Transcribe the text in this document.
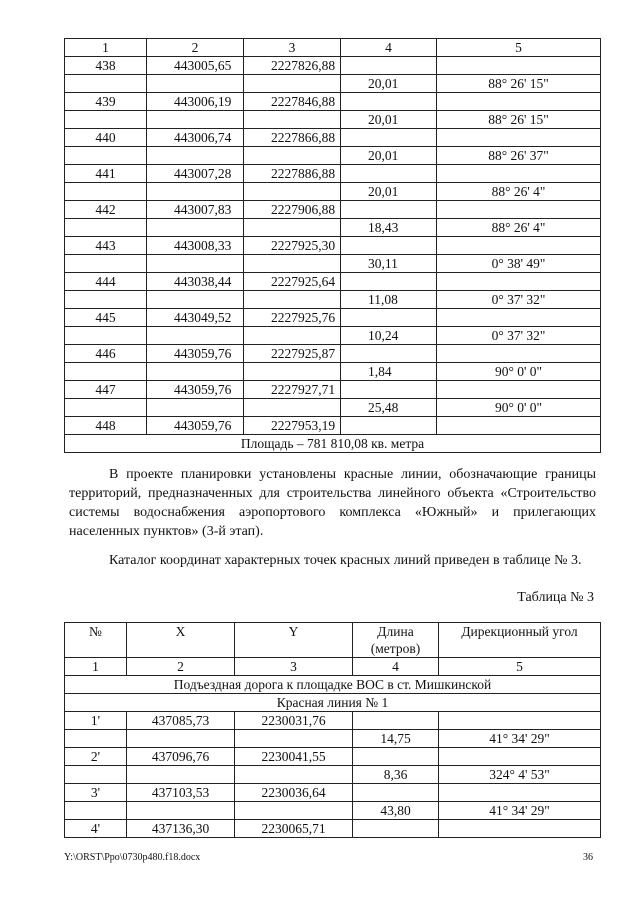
1	2	3	4	5
438	443005,65	2227826,88		
			20,01	88° 26' 15"
439	443006,19	2227846,88		
			20,01	88° 26' 15"
440	443006,74	2227866,88		
			20,01	88° 26' 37"
441	443007,28	2227886,88		
			20,01	88° 26' 4"
442	443007,83	2227906,88		
			18,43	88° 26' 4"
443	443008,33	2227925,30		
			30,11	0° 38' 49"
444	443038,44	2227925,64		
			11,08	0° 37' 32"
445	443049,52	2227925,76		
			10,24	0° 37' 32"
446	443059,76	2227925,87		
			1,84	90° 0' 0"
447	443059,76	2227927,71		
			25,48	90° 0' 0"
448	443059,76	2227953,19		
Площадь – 781 810,08 кв. метра				

В проекте планировки установлены красные линии, обозначающие границы территорий, предназначенных для строительства линейного объекта «Строительство системы водоснабжения аэропортового комплекса «Южный» и прилегающих населенных пунктов» (3-й этап).

Каталог координат характерных точек красных линий приведен в таблице № 3.

Таблица № 3
№	X	Y	Длина (метров)	Дирекционный угол
1	2	3	4	5
Подъездная дорога к площадке ВОС в ст. Мишкинской				
Красная линия № 1				
1'	437085,73	2230031,76		
			14,75	41° 34' 29"
2'	437096,76	2230041,55		
			8,36	324° 4' 53"
3'	437103,53	2230036,64		
			43,80	41° 34' 29"
4'	437136,30	2230065,71		
Y:\ORST\Ppo\0730p480.f18.docx	36
